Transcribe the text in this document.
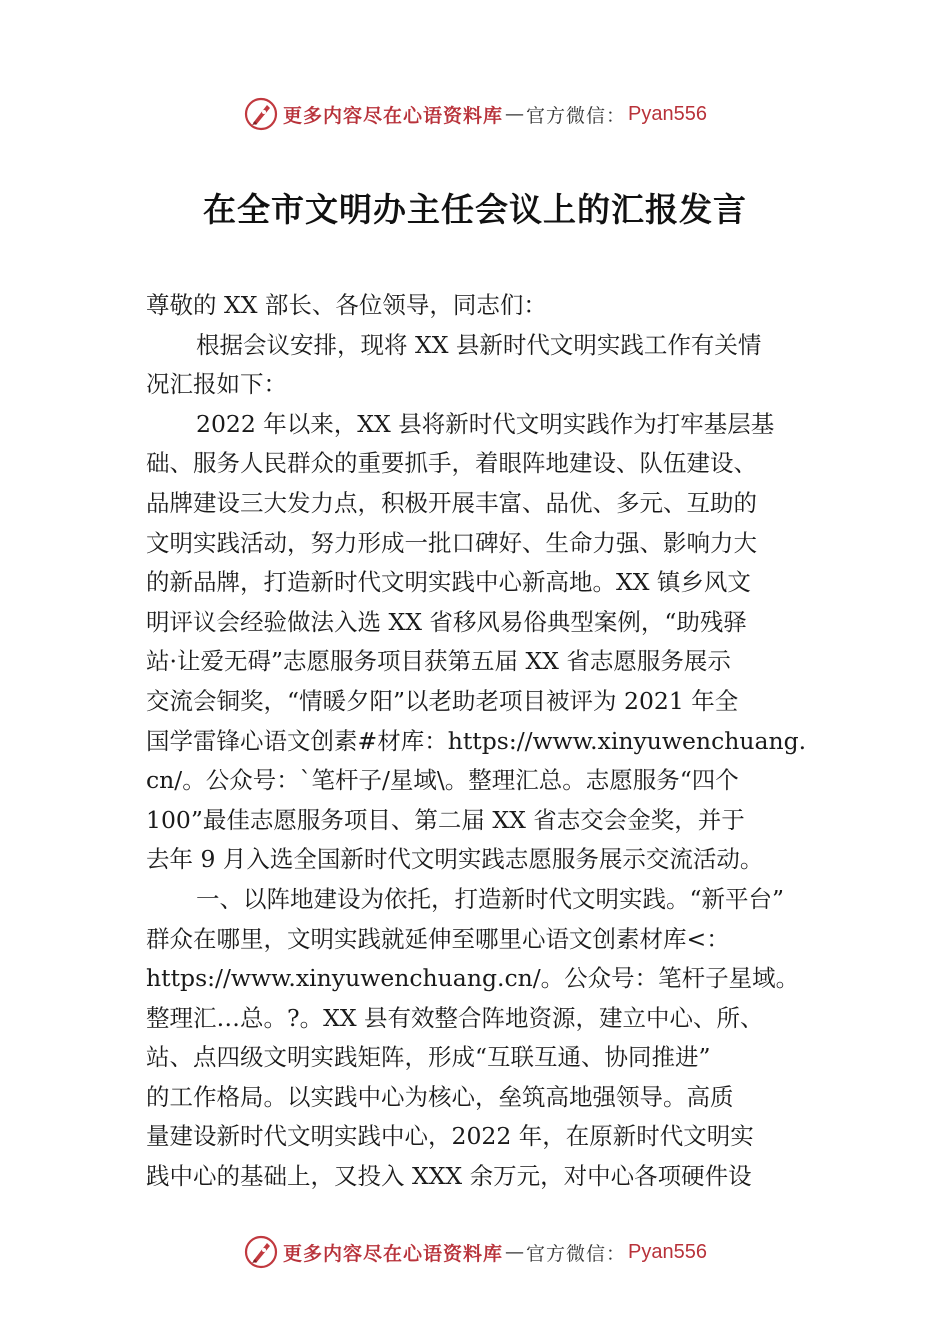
更多内容尽在心语资料库 — 官方微信： Pyan556
在全市文明办主任会议上的汇报发言
尊敬的 XX 部长、各位领导，同志们：
根据会议安排，现将 XX 县新时代文明实践工作有关情
况汇报如下：
2022 年以来，XX 县将新时代文明实践作为打牢基层基
础、服务人民群众的重要抓手，着眼阵地建设、队伍建设、
品牌建设三大发力点，积极开展丰富、品优、多元、互助的
文明实践活动，努力形成一批口碑好、生命力强、影响力大
的新品牌，打造新时代文明实践中心新高地。XX 镇乡风文
明评议会经验做法入选 XX 省移风易俗典型案例，“助残驿
站·让爱无碍”志愿服务项目获第五届 XX 省志愿服务展示
交流会铜奖，“情暖夕阳”以老助老项目被评为 2021 年全
国学雷锋心语文创素#材库：https://www.xinyuwenchuang.
cn/。公众号：`笔杆子/星域\。整理汇总。志愿服务“四个
100”最佳志愿服务项目、第二届 XX 省志交会金奖，并于
去年 9 月入选全国新时代文明实践志愿服务展示交流活动。
一、以阵地建设为依托，打造新时代文明实践。“新平台”
群众在哪里，文明实践就延伸至哪里心语文创素材库<：
https://www.xinyuwenchuang.cn/。公众号：笔杆子星域。
整理汇…总。?。XX 县有效整合阵地资源，建立中心、所、
站、点四级文明实践矩阵，形成“互联互通、协同推进”
的工作格局。以实践中心为核心，垒筑高地强领导。高质
量建设新时代文明实践中心，2022 年，在原新时代文明实
践中心的基础上，又投入 XXX 余万元，对中心各项硬件设
更多内容尽在心语资料库 — 官方微信： Pyan556
